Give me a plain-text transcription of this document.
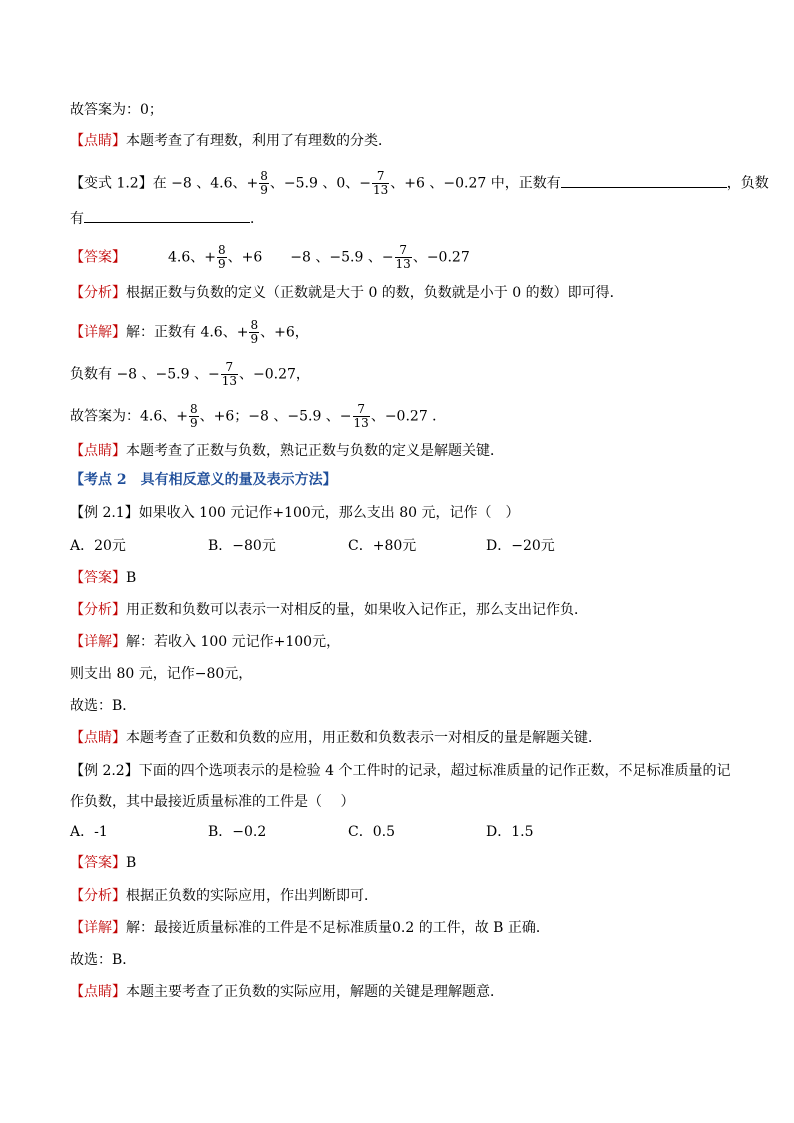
故答案为：0；
【点睛】本题考查了有理数，利用了有理数的分类．
【变式 1.2】在 −8 、4.6、+ $\frac{8}{9}$ 、−5.9 、0、− $\frac{7}{13}$ 、+6 、−0.27 中，正数有	，负数
有	．
【答案】	4.6、+ $\frac{8}{9}$ 、+6 −8 、−5.9 、− $\frac{7}{13}$ 、−0.27
【分析】根据正数与负数的定义（正数就是大于 0 的数，负数就是小于 0 的数）即可得．
【详解】解：正数有 4.6、+ $\frac{8}{9}$ 、+6，
负数有 −8 、−5.9 、− $\frac{7}{13}$ 、−0.27，
故答案为：4.6、+ $\frac{8}{9}$ 、+6；−8 、−5.9 、− $\frac{7}{13}$ 、−0.27 ．
【点睛】本题考查了正数与负数，熟记正数与负数的定义是解题关键．
【考点 2　具有相反意义的量及表示方法】
【例 2.1】如果收入 100 元记作+100元，那么支出 80 元，记作（　）
A．20元	B．−80元	C．+80元	D．−20元
【答案】B
【分析】用正数和负数可以表示一对相反的量，如果收入记作正，那么支出记作负．
【详解】解：若收入 100 元记作+100元，
则支出 80 元，记作−80元，
故选：B．
【点睛】本题考查了正数和负数的应用，用正数和负数表示一对相反的量是解题关键．
【例 2.2】下面的四个选项表示的是检验 4 个工件时的记录，超过标准质量的记作正数，不足标准质量的记
作负数，其中最接近质量标准的工件是（　 ）
A．-1	B．−0.2	C．0.5	D．1.5
【答案】B
【分析】根据正负数的实际应用，作出判断即可．
【详解】解：最接近质量标准的工件是不足标准质量0.2 的工件，故 B 正确．
故选：B．
【点睛】本题主要考查了正负数的实际应用，解题的关键是理解题意．
